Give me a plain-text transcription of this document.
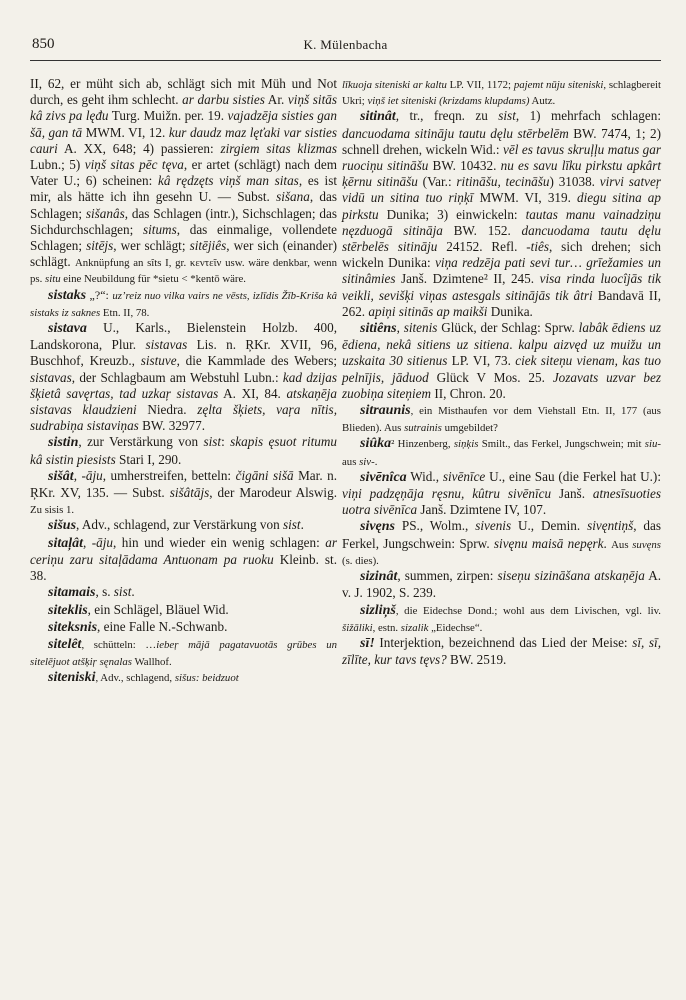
850	K. Mülenbacha

II, 62, er müht sich ab, schlägt sich mit Müh und Not durch, es geht ihm schlecht. ar darbu sisties Ar. viņš sitās kâ zivs pa lęđu Turg. Muižn. per. 19. vajadzēja sisties gan šā, gan tā MWM. VI, 12. kur daudz maz lęťaki var sisties cauri A. XX, 648; 4) passieren: zirgiem sitas klizmas Lubn.; 5) viņš sitas pēc tęva, er artet (schlägt) nach dem Vater U.; 6) scheinen: kâ rędzęts viņš man sitas, es ist mir, als hätte ich ihn gesehn U. — Subst. sišana, das Schlagen; sišanâs, das Schlagen (intr.), Sichschlagen; das Sichdurchschlagen; situms, das einmalige, vollendete Schlagen; sitējs, wer schlägt; sitējiês, wer sich (einander) schlägt. Anknüpfung an sîts I, gr. κεντεῖν usw. wäre denkbar, wenn ps. situ eine Neubildung für *sietu < *kentō wäre.

sistaks „?“: uz’reiz nuo vilka vairs ne vēsts, izlīdis Žīb-Kriša kâ sistaks iz saknes Etn. II, 78.

sistava U., Karls., Bielenstein Holzb. 400, Landskorona, Plur. sistavas Lis. n. ŖKr. XVII, 96, Buschhof, Kreuzb., sistuve, die Kammlade des Webers; sistavas, der Schlagbaum am Webstuhl Lubn.: kad dzijas šķietâ savęrtas, tad uzkaŗ sistavas A. XI, 84. atskaņēja sistavas klaudzieni Niedra. zęlta šķiets, vaŗa nītis, sudrabiņa sistaviņas BW. 32977.

sistin, zur Verstärkung von sist: skapis ęsuot ritumu kâ sistin piesists Stari I, 290.

sišât, -āju, umherstreifen, betteln: čigāni sišā Mar. n. ŖKr. XV, 135. — Subst. sišâtājs, der Marodeur Alswig. Zu sisis 1.

sišus, Adv., schlagend, zur Verstärkung von sist.

sitaļât, -āju, hin und wieder ein wenig schlagen: ar ceriņu zaru sitaļādama Antuonam pa ruoku Kleinb. st. 38.

sitamais, s. sist.

siteklis, ein Schlägel, Bläuel Wid.

siteksnis, eine Falle N.-Schwanb.

sitelêt, schütteln: …iebeŗ mājā pagatavuotās grūbes un sitelējuot atšķiŗ sęnalas Wallhof.

siteniski, Adv., schlagend, sišus: beidzuot

līkuoja siteniski ar kaltu LP. VII, 1172; pajemt nūju siteniski, schlagbereit Ukri; viņš iet siteniski (krizdams klupdams) Autz.

sitinât, tr., freqn. zu sist, 1) mehrfach schlagen: dancuodama sitināju tautu dęlu stērbelēm BW. 7474, 1; 2) schnell drehen, wickeln Wid.: vēl es tavus skruļļu matus gar ruociņu sitināšu BW. 10432. nu es savu līku pirkstu apkârt ķērnu sitināšu (Var.: ritināšu, tecināšu) 31038. virvi satveŗ vidū un sitina tuo riņķī MWM. VI, 319. diegu sitina ap pirkstu Dunika; 3) einwickeln: tautas manu vainadziņu nęzduogā sitināja BW. 152. dancuodama tautu dęlu stērbelēs sitināju 24152. Refl. -tiês, sich drehen; sich wickeln Dunika: viņa redzēja pati sevi tur… grīežamies un sitinâmies Janš. Dzimtene² II, 245. visa rinda luocîjās tik veikli, sevišķi viņas astesgals sitinājās tik âtri Bandavā II, 262. apiņi sitinās ap maikši Dunika.

sitiêns, sitenis Glück, der Schlag: Sprw. labâk ēdiens uz ēdiena, nekâ sitiens uz sitiena. kalpu aizvęd uz muižu un uzskaita 30 sitienus LP. VI, 73. ciek siteņu vienam, kas tuo pelnījis, jāduod Glück V Mos. 25. Jozavats uzvar bez zuobiņa siteņiem II, Chron. 20.

sitraunis, ein Misthaufen vor dem Viehstall Etn. II, 177 (aus Blieden). Aus sutrainis umgebildet?

siûka² Hinzenberg, siņķis Smilt., das Ferkel, Jungschwein; mit siu- aus siv-.

sivēnîca Wid., sivēnīce U., eine Sau (die Ferkel hat U.): viņi padzęņāja ręsnu, kûtru sivēnīcu Janš. atnesīsuoties uotra sivēnīca Janš. Dzimtene IV, 107.

sivęns PS., Wolm., sivenis U., Demin. sivęntiņš, das Ferkel, Jungschwein: Sprw. sivęnu maisā nepęrk. Aus suvęns (s. dies).

sizinât, summen, zirpen: siseņu sizināšana atskaņēja A. v. J. 1902, S. 239.

sizliņš, die Eidechse Dond.; wohl aus dem Livischen, vgl. liv. šižāliki, estn. sizalik „Eidechse“.

sī! Interjektion, bezeichnend das Lied der Meise: sī, sī, zīlīte, kur tavs tęvs? BW. 2519.
